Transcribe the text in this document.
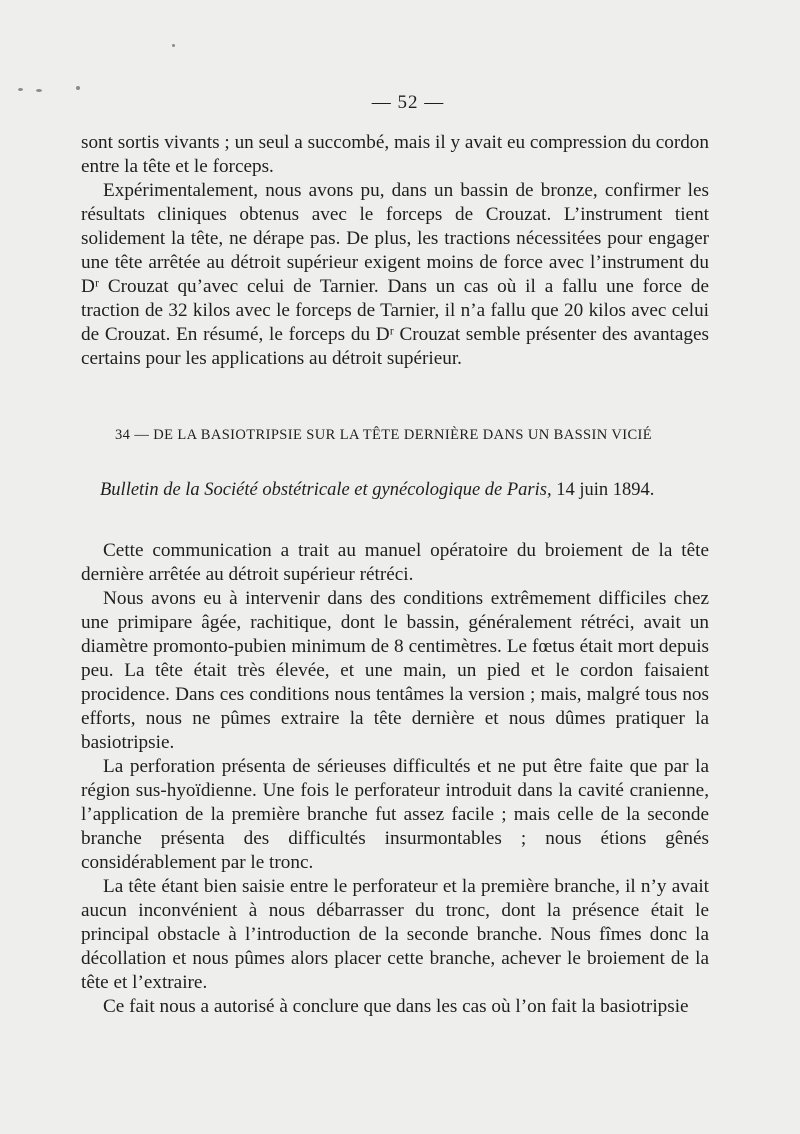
— 52 —

sont sortis vivants ; un seul a succombé, mais il y avait eu compression du cordon entre la tête et le forceps.

Expérimentalement, nous avons pu, dans un bassin de bronze, confirmer les résultats cliniques obtenus avec le forceps de Crouzat. L’instrument tient solidement la tête, ne dérape pas. De plus, les tractions nécessitées pour engager une tête arrêtée au détroit supérieur exigent moins de force avec l’instrument du Dʳ Crouzat qu’avec celui de Tarnier. Dans un cas où il a fallu une force de traction de 32 kilos avec le forceps de Tarnier, il n’a fallu que 20 kilos avec celui de Crouzat. En résumé, le forceps du Dʳ Crouzat semble présenter des avantages certains pour les applications au détroit supérieur.

34 — DE LA BASIOTRIPSIE SUR LA TÊTE DERNIÈRE DANS UN BASSIN VICIÉ
Bulletin de la Société obstétricale et gynécologique de Paris, 14 juin 1894.

Cette communication a trait au manuel opératoire du broiement de la tête dernière arrêtée au détroit supérieur rétréci.

Nous avons eu à intervenir dans des conditions extrêmement difficiles chez une primipare âgée, rachitique, dont le bassin, généralement rétréci, avait un diamètre promonto-pubien minimum de 8 centimètres. Le fœtus était mort depuis peu. La tête était très élevée, et une main, un pied et le cordon faisaient procidence. Dans ces conditions nous tentâmes la version ; mais, malgré tous nos efforts, nous ne pûmes extraire la tête dernière et nous dûmes pratiquer la basiotripsie.

La perforation présenta de sérieuses difficultés et ne put être faite que par la région sus-hyoïdienne. Une fois le perforateur introduit dans la cavité cranienne, l’application de la première branche fut assez facile ; mais celle de la seconde branche présenta des difficultés insurmontables ; nous étions gênés considérablement par le tronc.

La tête étant bien saisie entre le perforateur et la première branche, il n’y avait aucun inconvénient à nous débarrasser du tronc, dont la présence était le principal obstacle à l’introduction de la seconde branche. Nous fîmes donc la décollation et nous pûmes alors placer cette branche, achever le broiement de la tête et l’extraire.

Ce fait nous a autorisé à conclure que dans les cas où l’on fait la basiotripsie
